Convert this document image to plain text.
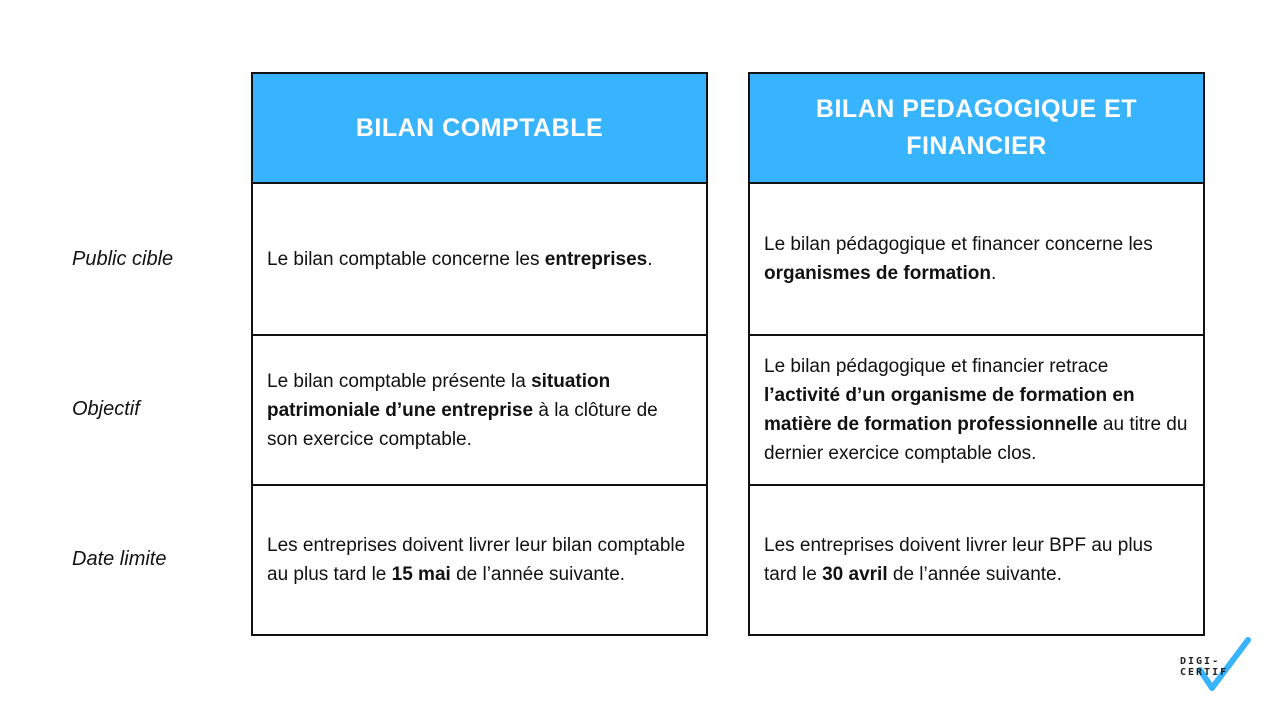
Public cible
Objectif
Date limite
BILAN COMPTABLE

Le bilan comptable concerne les entreprises.

Le bilan comptable présente la situation patrimoniale d’une entreprise à la clôture de son exercice comptable.

Les entreprises doivent livrer leur bilan comptable au plus tard le 15 mai de l’année suivante.

BILAN PEDAGOGIQUE ET FINANCIER

Le bilan pédagogique et financer concerne les organismes de formation.

Le bilan pédagogique et financier retrace l’activité d’un organisme de formation en matière de formation professionnelle au titre du dernier exercice comptable clos.

Les entreprises doivent livrer leur BPF au plus tard le 30 avril de l’année suivante.

DIGI-CERTIF
